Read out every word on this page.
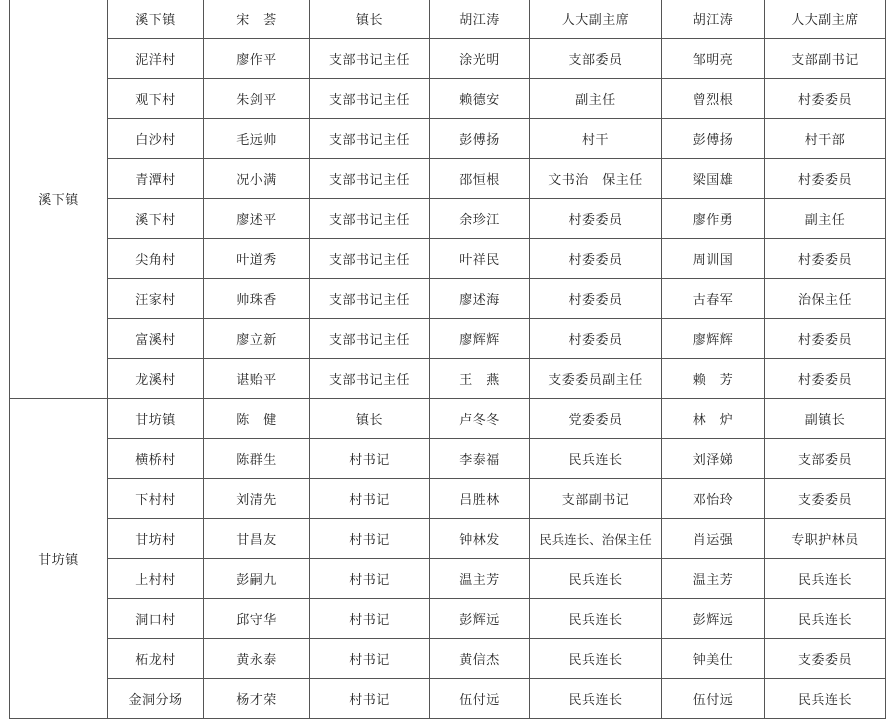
溪下镇	溪下镇	宋　荟	镇长	胡江涛	人大副主席	胡江涛	人大副主席
	泥洋村	廖作平	支部书记主任	涂光明	支部委员	邹明亮	支部副书记
	观下村	朱剑平	支部书记主任	赖德安	副主任	曾烈根	村委委员
	白沙村	毛远帅	支部书记主任	彭傅扬	村干	彭傅扬	村干部
	青潭村	况小满	支部书记主任	邵恒根	文书治　保主任	梁国雄	村委委员
	溪下村	廖述平	支部书记主任	余珍江	村委委员	廖作勇	副主任
	尖角村	叶道秀	支部书记主任	叶祥民	村委委员	周训国	村委委员
	汪家村	帅珠香	支部书记主任	廖述海	村委委员	古春军	治保主任
	富溪村	廖立新	支部书记主任	廖辉辉	村委委员	廖辉辉	村委委员
	龙溪村	谌贻平	支部书记主任	王　燕	支委委员副主任	赖　芳	村委委员
甘坊镇	甘坊镇	陈　健	镇长	卢冬冬	党委委员	林　炉	副镇长
	横桥村	陈群生	村书记	李泰福	民兵连长	刘泽娣	支部委员
	下村村	刘清先	村书记	吕胜林	支部副书记	邓怡玲	支委委员
	甘坊村	甘昌友	村书记	钟林发	民兵连长、治保主任	肖运强	专职护林员
	上村村	彭嗣九	村书记	温主芳	民兵连长	温主芳	民兵连长
	洞口村	邱守华	村书记	彭辉远	民兵连长	彭辉远	民兵连长
	柘龙村	黄永泰	村书记	黄信杰	民兵连长	钟美仕	支委委员
	金洞分场	杨才荣	村书记	伍付远	民兵连长	伍付远	民兵连长
